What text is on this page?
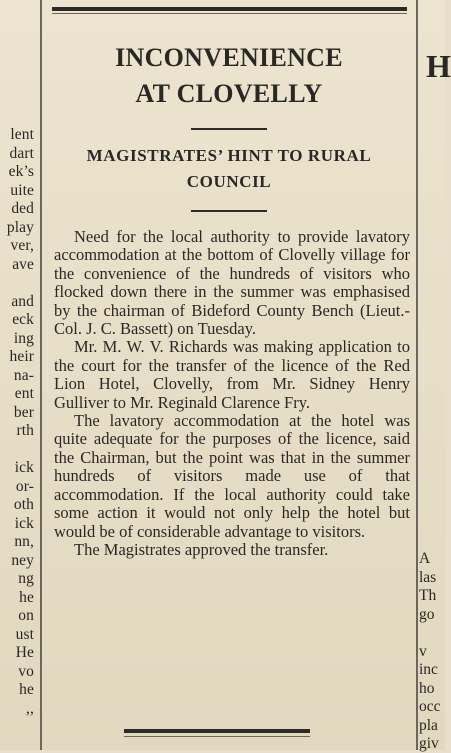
lent
dart
ek’s
uite
ded
play
ver,
ave
and
eck
ing
heir
na-
ent
ber
rth
ick
or-
oth
ick
nn,
ney
ng
he
on
ust
He
vo
he
,,
INCONVENIENCE
AT CLOVELLY
MAGISTRATES’ HINT TO RURAL
COUNCIL

Need for the local authority to provide lavatory accommodation at the bottom of Clovelly village for the convenience of the hundreds of visitors who flocked down there in the summer was emphasised by the chairman of Bideford County Bench (Lieut.-Col. J. C. Bassett) on Tuesday.

Mr. M. W. V. Richards was making application to the court for the transfer of the licence of the Red Lion Hotel, Clovelly, from Mr. Sidney Henry Gulliver to Mr. Reginald Clarence Fry.

The lavatory accommodation at the hotel was quite adequate for the purposes of the licence, said the Chairman, but the point was that in the summer hundreds of visitors made use of that accommodation. If the local authority could take some action it would not only help the hotel but would be of considerable advantage to visitors.

The Magistrates approved the transfer.

H
A
las
Th
go
v
inc
ho
occ
pla
giv
